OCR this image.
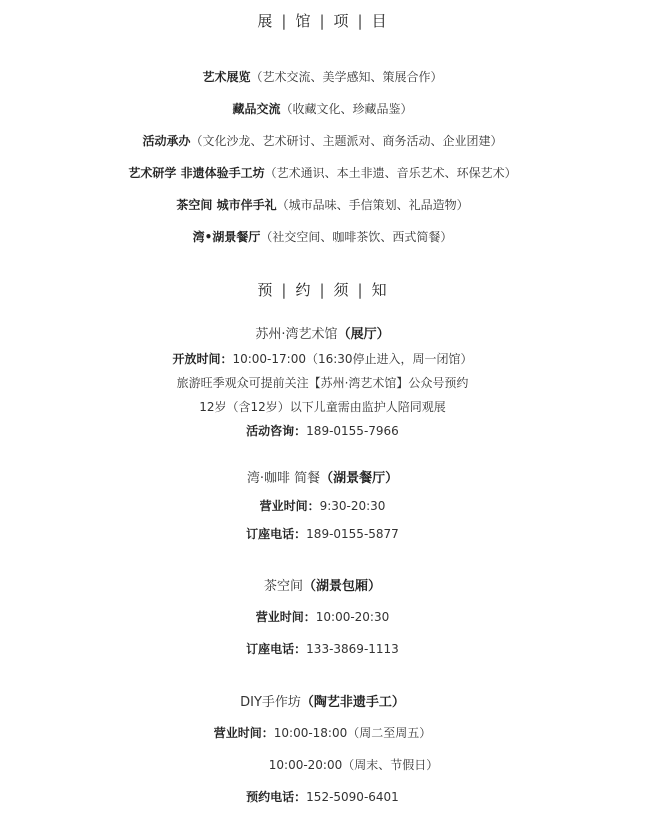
展 | 馆 | 项 | 目
艺术展览（艺术交流、美学感知、策展合作）
藏品交流（收藏文化、珍藏品鉴）
活动承办（文化沙龙、艺术研讨、主题派对、商务活动、企业团建）
艺术研学 非遗体验手工坊（艺术通识、本土非遗、音乐艺术、环保艺术）
茶空间 城市伴手礼（城市品味、手信策划、礼品造物）
湾•湖景餐厅（社交空间、咖啡茶饮、西式简餐）
预 | 约 | 须 | 知
苏州·湾艺术馆（展厅）
开放时间：10:00-17:00（16:30停止进入，周一闭馆）
旅游旺季观众可提前关注【苏州·湾艺术馆】公众号预约
12岁（含12岁）以下儿童需由监护人陪同观展
活动咨询：189-0155-7966
湾·咖啡 简餐（湖景餐厅）
营业时间：9:30-20:30
订座电话：189-0155-5877
茶空间（湖景包厢）
营业时间：10:00-20:30
订座电话：133-3869-1113
DIY手作坊（陶艺非遗手工）
营业时间：10:00-18:00（周二至周五）
10:00-20:00（周末、节假日）
预约电话：152-5090-6401
